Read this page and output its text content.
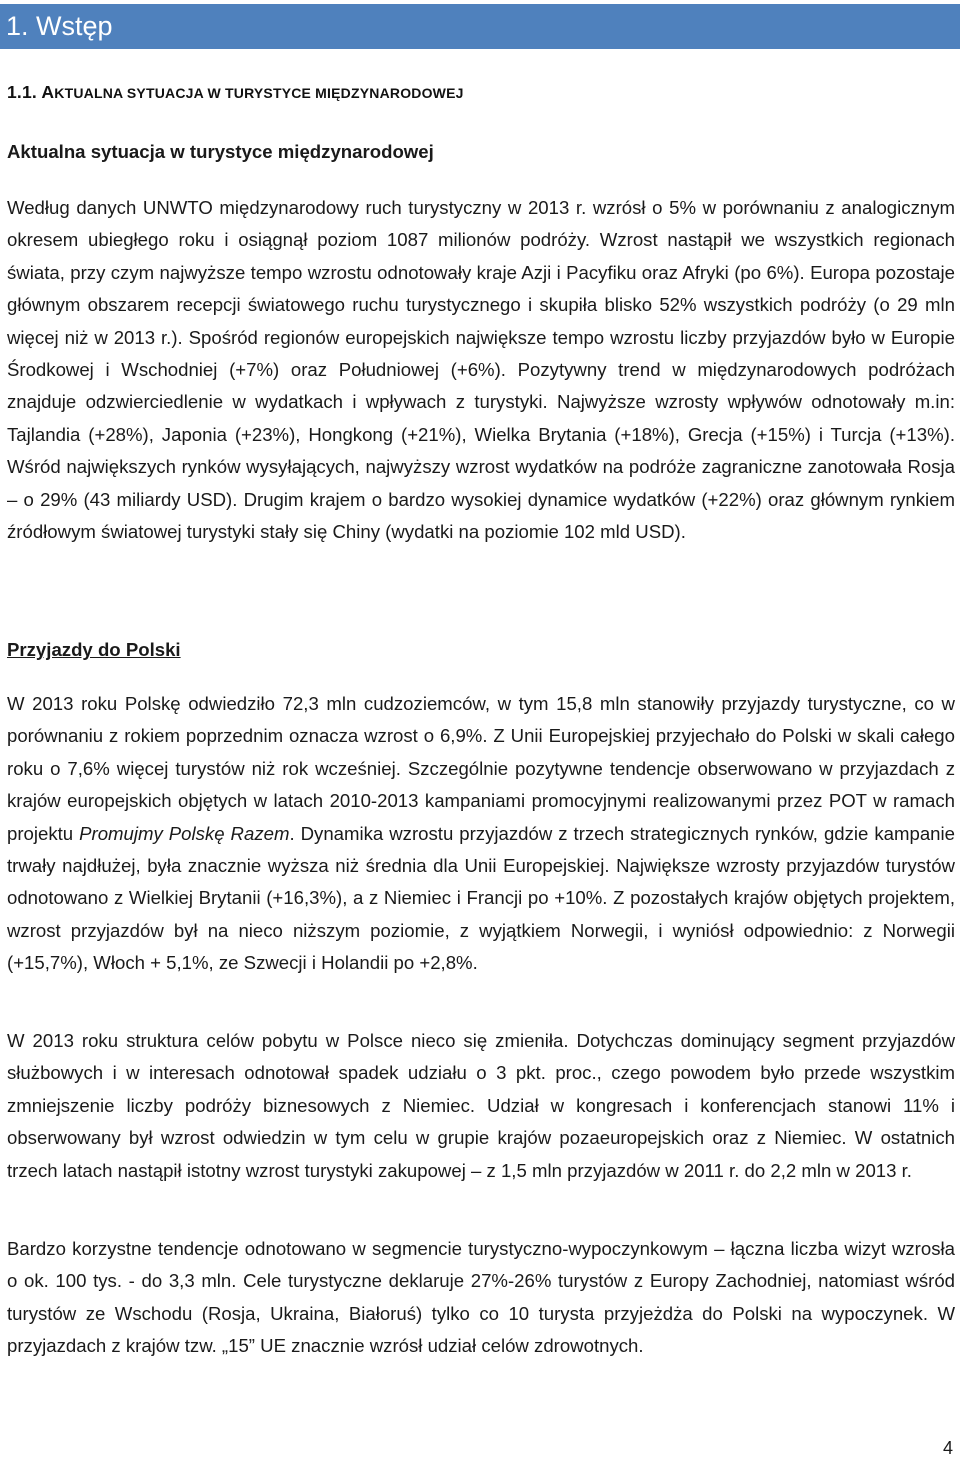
1. Wstęp
1.1. AKTUALNA SYTUACJA W TURYSTYCE MIĘDZYNARODOWEJ

Aktualna sytuacja w turystyce międzynarodowej

Według danych UNWTO międzynarodowy ruch turystyczny w 2013 r. wzrósł o 5% w porównaniu z analogicznym okresem ubiegłego roku i osiągnął poziom 1087 milionów podróży. Wzrost nastąpił we wszystkich regionach świata, przy czym najwyższe tempo wzrostu odnotowały kraje Azji i Pacyfiku oraz Afryki (po 6%). Europa pozostaje głównym obszarem recepcji światowego ruchu turystycznego i skupiła blisko 52% wszystkich podróży (o 29 mln więcej niż w 2013 r.). Spośród regionów europejskich największe tempo wzrostu liczby przyjazdów było w Europie Środkowej i Wschodniej (+7%) oraz Południowej (+6%). Pozytywny trend w międzynarodowych podróżach znajduje odzwierciedlenie w wydatkach i wpływach z turystyki. Najwyższe wzrosty wpływów odnotowały m.in: Tajlandia (+28%), Japonia (+23%), Hongkong (+21%), Wielka Brytania (+18%), Grecja (+15%) i Turcja (+13%). Wśród największych rynków wysyłających, najwyższy wzrost wydatków na podróże zagraniczne zanotowała Rosja – o 29% (43 miliardy USD). Drugim krajem o bardzo wysokiej dynamice wydatków (+22%) oraz głównym rynkiem źródłowym światowej turystyki stały się Chiny (wydatki na poziomie 102 mld USD).

Przyjazdy do Polski

W 2013 roku Polskę odwiedziło 72,3 mln cudzoziemców, w tym 15,8 mln stanowiły przyjazdy turystyczne, co w porównaniu z rokiem poprzednim oznacza wzrost o 6,9%. Z Unii Europejskiej przyjechało do Polski w skali całego roku o 7,6% więcej turystów niż rok wcześniej. Szczególnie pozytywne tendencje obserwowano w przyjazdach z krajów europejskich objętych w latach 2010-2013 kampaniami promocyjnymi realizowanymi przez POT w ramach projektu Promujmy Polskę Razem. Dynamika wzrostu przyjazdów z trzech strategicznych rynków, gdzie kampanie trwały najdłużej, była znacznie wyższa niż średnia dla Unii Europejskiej. Największe wzrosty przyjazdów turystów odnotowano z Wielkiej Brytanii (+16,3%), a z Niemiec i Francji po +10%. Z pozostałych krajów objętych projektem, wzrost przyjazdów był na nieco niższym poziomie, z wyjątkiem Norwegii, i wyniósł odpowiednio: z Norwegii (+15,7%), Włoch + 5,1%, ze Szwecji i Holandii po +2,8%.

W 2013 roku struktura celów pobytu w Polsce nieco się zmieniła. Dotychczas dominujący segment przyjazdów służbowych i w interesach odnotował spadek udziału o 3 pkt. proc., czego powodem było przede wszystkim zmniejszenie liczby podróży biznesowych z Niemiec. Udział w kongresach i konferencjach stanowi 11% i obserwowany był wzrost odwiedzin w tym celu w grupie krajów pozaeuropejskich oraz z Niemiec. W ostatnich trzech latach nastąpił istotny wzrost turystyki zakupowej – z 1,5 mln przyjazdów w 2011 r. do 2,2 mln w 2013 r.

Bardzo korzystne tendencje odnotowano w segmencie turystyczno-wypoczynkowym – łączna liczba wizyt wzrosła o ok. 100 tys. - do 3,3 mln. Cele turystyczne deklaruje 27%-26% turystów z Europy Zachodniej, natomiast wśród turystów ze Wschodu (Rosja, Ukraina, Białoruś) tylko co 10 turysta przyjeżdża do Polski na wypoczynek. W przyjazdach z krajów tzw. „15” UE znacznie wzrósł udział celów zdrowotnych.

4
